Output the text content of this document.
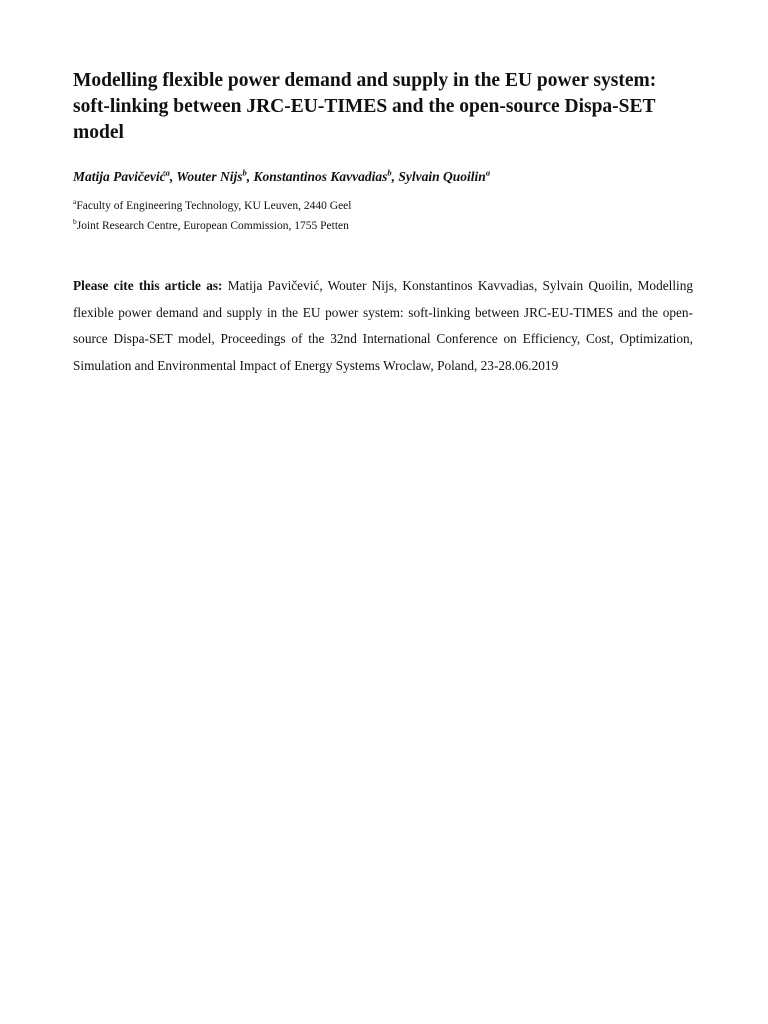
Modelling flexible power demand and supply in the EU power system: soft-linking between JRC-EU-TIMES and the open-source Dispa-SET model
Matija Pavičević$^a$, Wouter Nijs$^b$, Konstantinos Kavvadias$^b$, Sylvain Quoilin$^a$
$^a$Faculty of Engineering Technology, KU Leuven, 2440 Geel
$^b$Joint Research Centre, European Commission, 1755 Petten

Please cite this article as: Matija Pavičević, Wouter Nijs, Konstantinos Kavvadias, Sylvain Quoilin, Modelling flexible power demand and supply in the EU power system: soft-linking between JRC-EU-TIMES and the open-source Dispa-SET model, Proceedings of the 32nd International Conference on Efficiency, Cost, Optimization, Simulation and Environmental Impact of Energy Systems Wroclaw, Poland, 23-28.06.2019
